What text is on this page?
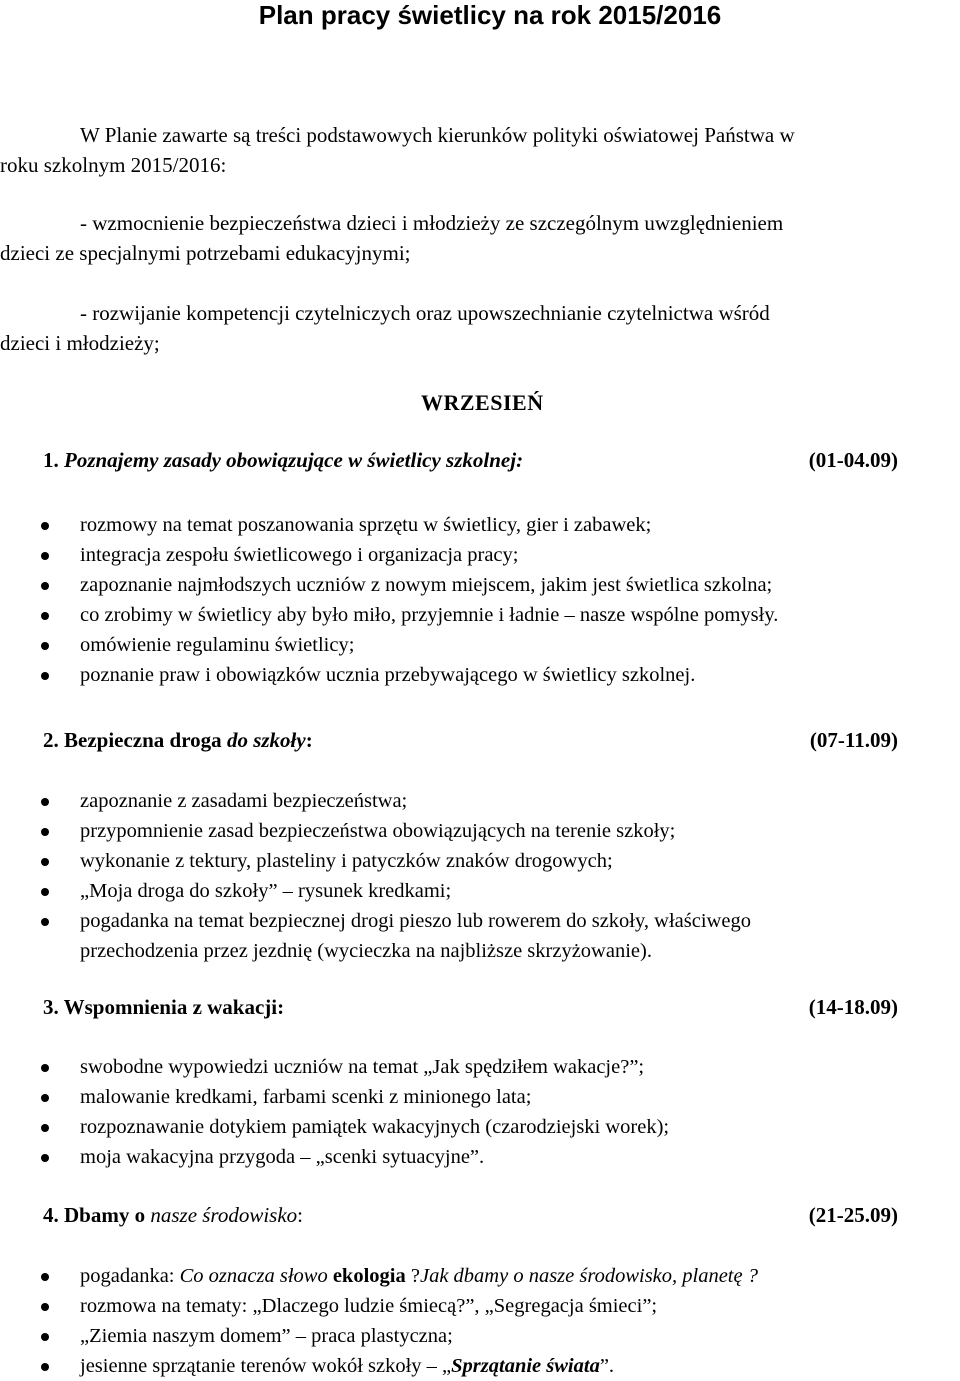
Plan pracy świetlicy na rok 2015/2016
W Planie zawarte są treści podstawowych kierunków polityki oświatowej Państwa w
roku szkolnym 2015/2016:
- wzmocnienie bezpieczeństwa dzieci i młodzieży ze szczególnym uwzględnieniem
dzieci ze specjalnymi potrzebami edukacyjnymi;
- rozwijanie kompetencji czytelniczych oraz upowszechnianie czytelnictwa wśród
dzieci i młodzieży;
WRZESIEŃ
1. Poznajemy zasady obowiązujące w świetlicy szkolnej:	(01-04.09)
rozmowy na temat poszanowania sprzętu w świetlicy, gier i zabawek;
integracja zespołu świetlicowego i organizacja pracy;
zapoznanie najmłodszych uczniów z nowym miejscem, jakim jest świetlica szkolna;
co zrobimy w świetlicy aby było miło, przyjemnie i ładnie – nasze wspólne pomysły.
omówienie regulaminu świetlicy;
poznanie praw i obowiązków ucznia przebywającego w świetlicy szkolnej.
2. Bezpieczna droga do szkoły:	(07-11.09)
zapoznanie z zasadami bezpieczeństwa;
przypomnienie zasad bezpieczeństwa obowiązujących na terenie szkoły;
wykonanie z tektury, plasteliny i patyczków znaków drogowych;
„Moja droga do szkoły” – rysunek kredkami;
pogadanka na temat bezpiecznej drogi pieszo lub rowerem do szkoły, właściwego
przechodzenia przez jezdnię (wycieczka na najbliższe skrzyżowanie).
3. Wspomnienia z wakacji:	(14-18.09)
swobodne wypowiedzi uczniów na temat „Jak spędziłem wakacje?”;
malowanie kredkami, farbami scenki z minionego lata;
rozpoznawanie dotykiem pamiątek wakacyjnych (czarodziejski worek);
moja wakacyjna przygoda – „scenki sytuacyjne”.
4. Dbamy o nasze środowisko:	(21-25.09)
pogadanka: Co oznacza słowo ekologia ?Jak dbamy o nasze środowisko, planetę ?
rozmowa na tematy: „Dlaczego ludzie śmiecą?”, „Segregacja śmieci”;
„Ziemia naszym domem” – praca plastyczna;
jesienne sprzątanie terenów wokół szkoły – „Sprzątanie świata”.
